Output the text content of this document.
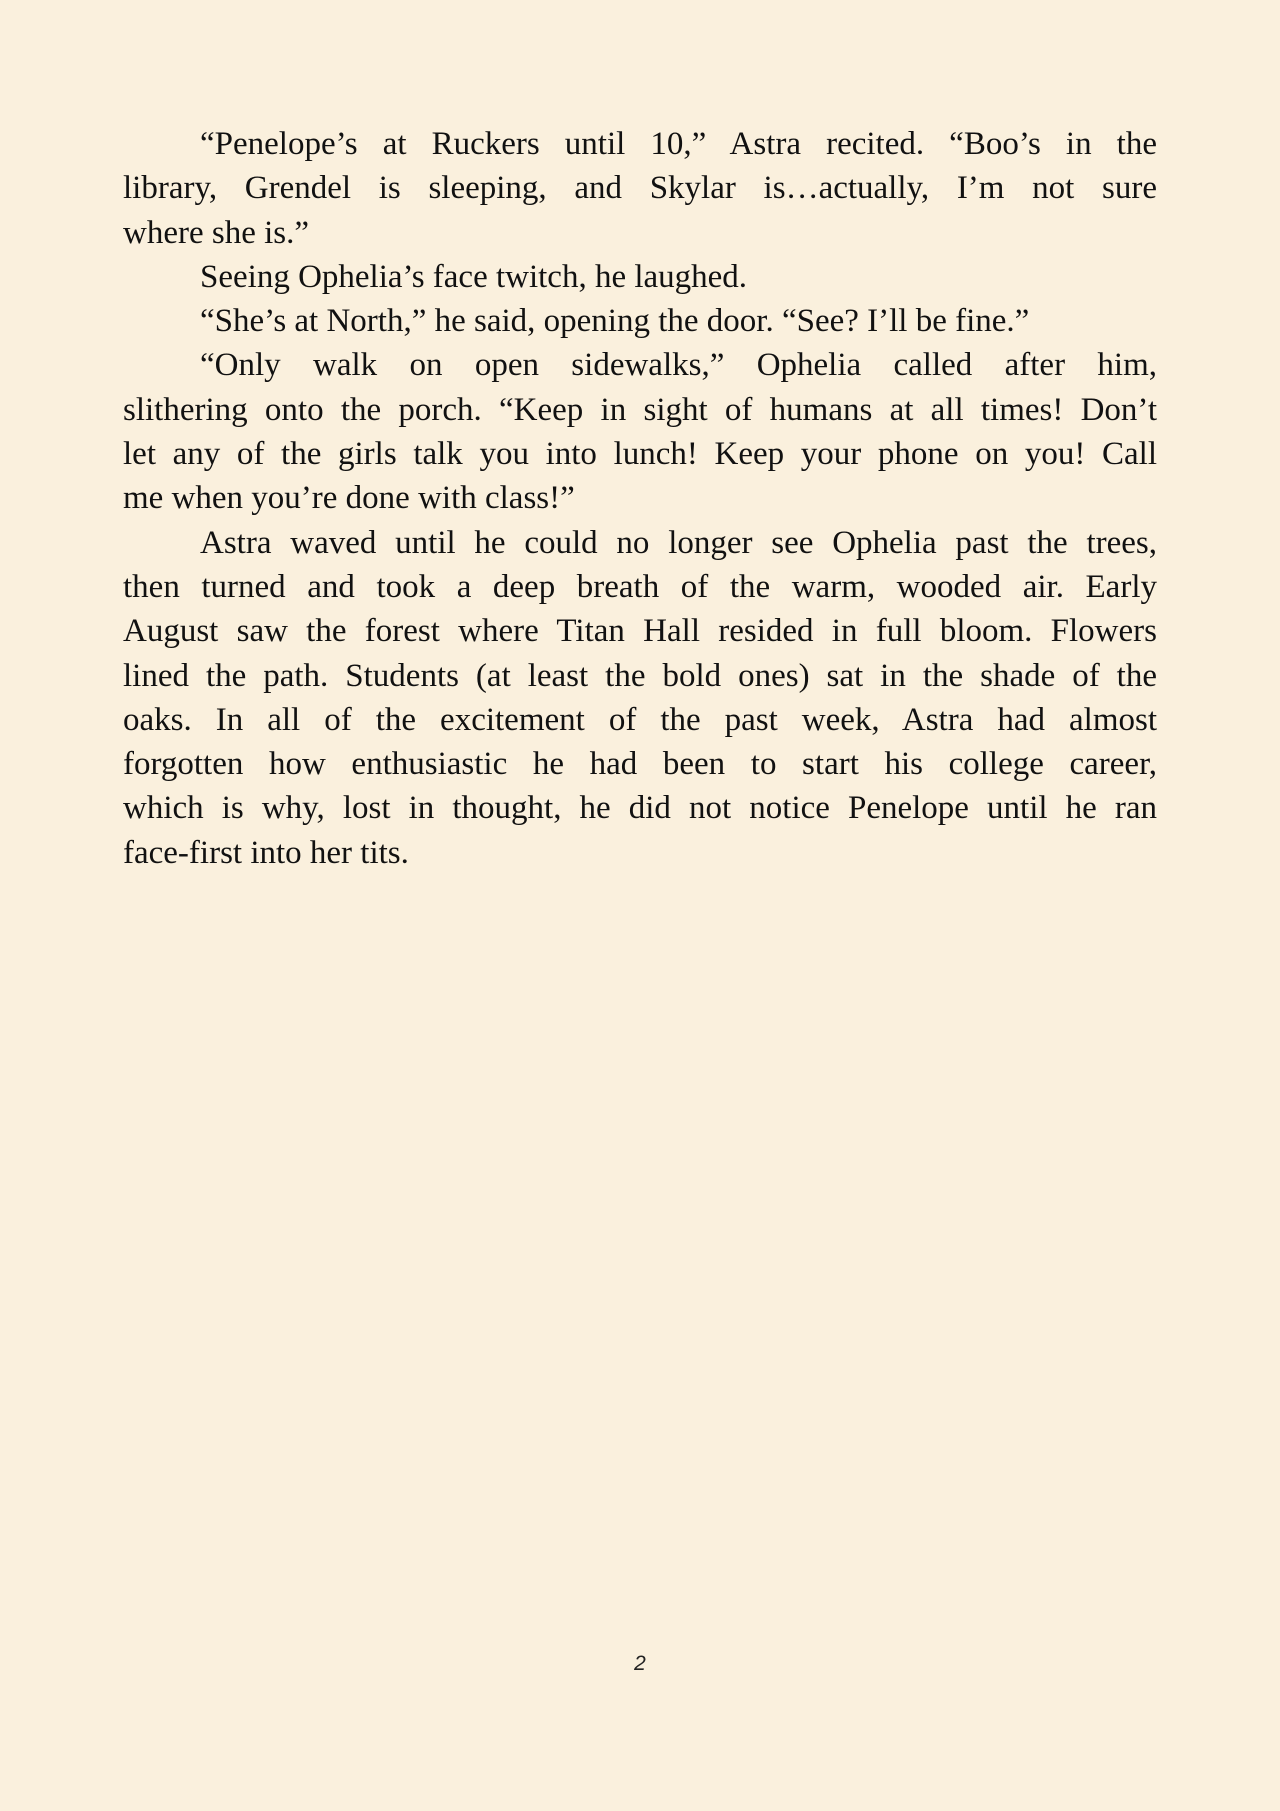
“Penelope’s at Ruckers until 10,” Astra recited. “Boo’s in the
library, Grendel is sleeping, and Skylar is…actually, I’m not sure
where she is.”
Seeing Ophelia’s face twitch, he laughed.
“She’s at North,” he said, opening the door. “See? I’ll be fine.”
“Only walk on open sidewalks,” Ophelia called after him,
slithering onto the porch. “Keep in sight of humans at all times! Don’t
let any of the girls talk you into lunch! Keep your phone on you! Call
me when you’re done with class!”
Astra waved until he could no longer see Ophelia past the trees,
then turned and took a deep breath of the warm, wooded air. Early
August saw the forest where Titan Hall resided in full bloom. Flowers
lined the path. Students (at least the bold ones) sat in the shade of the
oaks. In all of the excitement of the past week, Astra had almost
forgotten how enthusiastic he had been to start his college career,
which is why, lost in thought, he did not notice Penelope until he ran
face-first into her tits.
2
